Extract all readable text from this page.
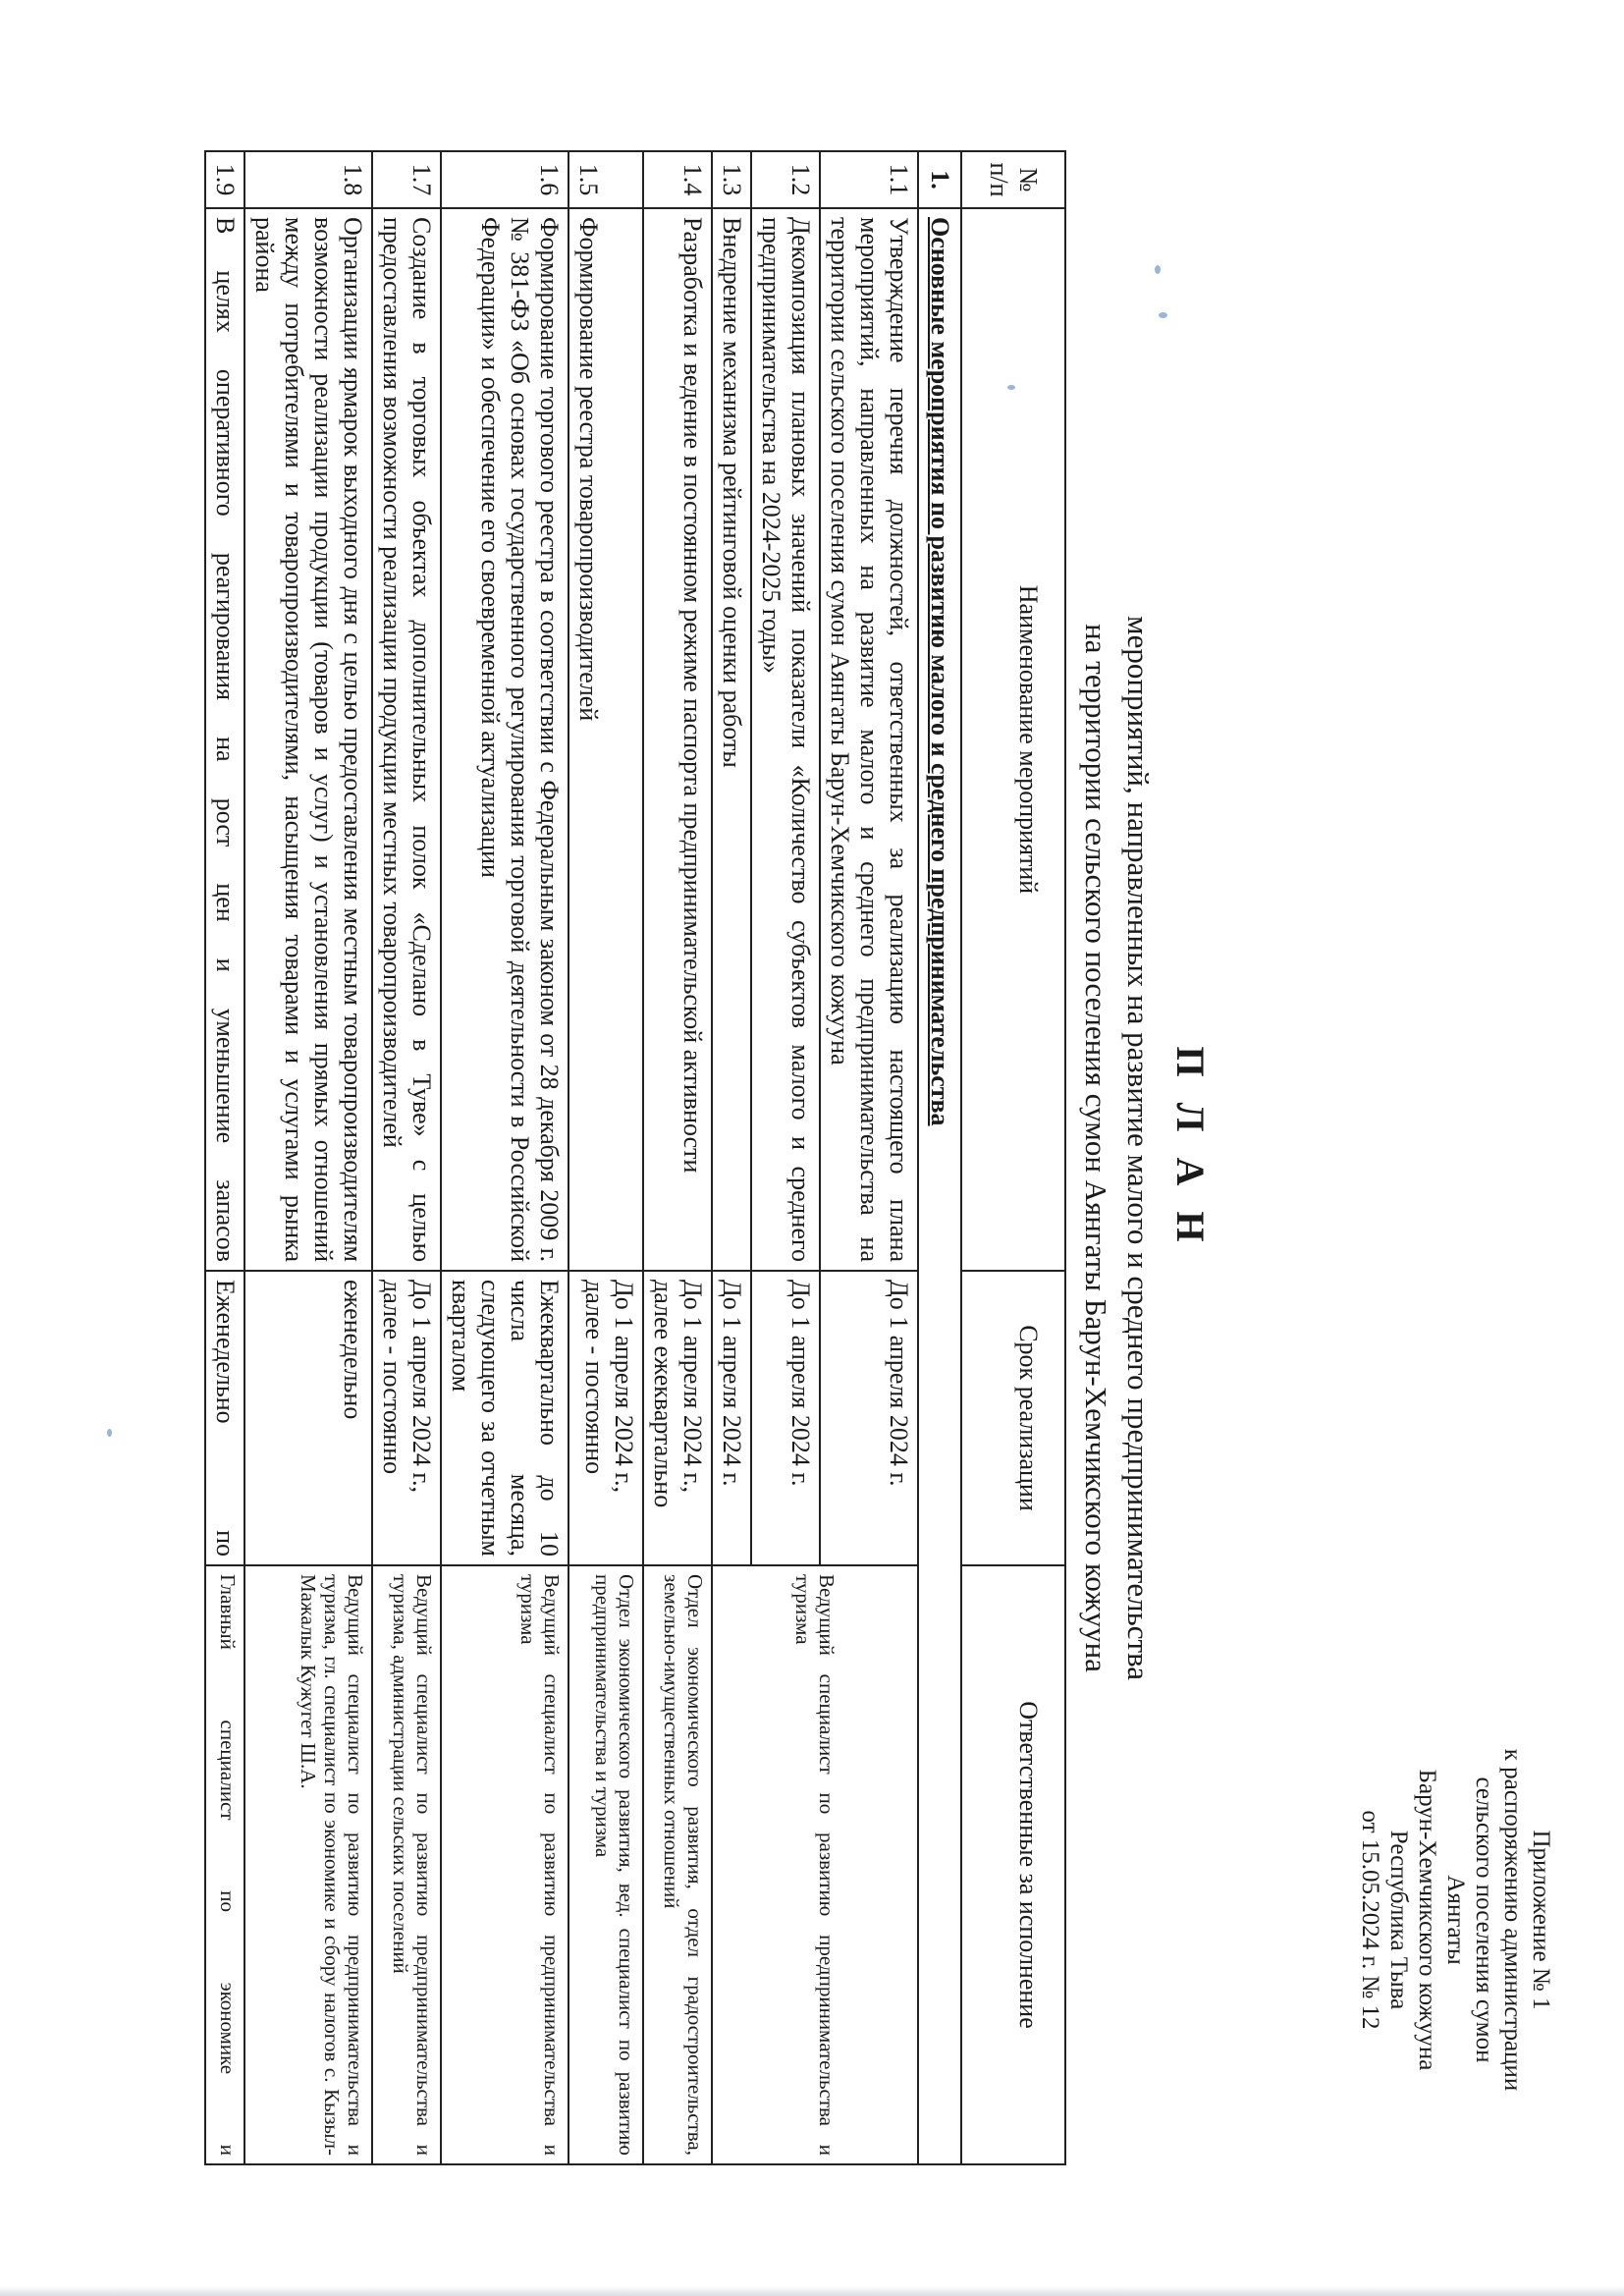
Приложение № 1
к распоряжению администрации
сельского поселения сумон
Аянгаты
Барун-Хемчикского кожууна
Республика Тыва
от 15.05.2024 г. № 12
П Л А Н
мероприятий, направленных на развитие малого и среднего предпринимательства
на территории сельского поселения сумон Аянгаты Барун-Хемчикского кожууна
№ п/п	Наименование мероприятий	Срок реализации	Ответственные за исполнение
1.	Основные мероприятия по развитию малого и среднего предпринимательства		
1.1	Утверждение перечня должностей, ответственных за реализацию настоящего плана мероприятий, направленных на развитие малого и среднего предпринимательства на территории сельского поселения сумон Аянгаты Барун-Хемчикского кожууна	До 1 апреля 2024 г.	Ведущий специалист по развитию предпринимательства и туризма
1.2	Декомпозиция плановых значений показатели «Количество субъектов малого и среднего предпринимательства на 2024-2025 годы»	До 1 апреля 2024 г.	
1.3	Внедрение механизма рейтинговой оценки работы	До 1 апреля 2024 г.	
1.4	Разработка и ведение в постоянном режиме паспорта предпринимательской активности	До 1 апреля 2024 г., далее ежеквартально	Отдел экономического развития, отдел градостроительства, земельно-имущественных отношений
1.5	Формирование реестра товаропроизводителей	До 1 апреля 2024 г., далее - постоянно	Отдел экономического развития, вед. специалист по развитию предпринимательства и туризма
1.6	Формирование торгового реестра в соответствии с Федеральным законом от 28 декабря 2009 г. № 381-ФЗ «Об основах государственного регулирования торговой деятельности в Российской Федерации» и обеспечение его своевременной актуализации	Ежеквартально до 10 числа месяца, следующего за отчетным кварталом	Ведущий специалист по развитию предпринимательства и туризма
1.7	Создание в торговых объектах дополнительных полок «Сделано в Туве» с целью предоставления возможности реализации продукции местных товаропроизводителей	До 1 апреля 2024 г., далее - постоянно	Ведущий специалист по развитию предпринимательства и туризма, администрации сельских поселений
1.8	Организации ярмарок выходного дня с целью предоставления местным товаропроизводителям возможности реализации продукции (товаров и услуг) и установления прямых отношений между потребителями и товаропроизводителями, насыщения товарами и услугами рынка района	еженедельно	Ведущий специалист по развитию предпринимательства и туризма, гл. специалист по экономике и сбору налогов с. Кызыл-Мажалык Кужугет Ш.А.
1.9	В целях оперативного реагирования на рост цен и уменьшение запасов	Еженедельно по	Главный специалист по экономике и
